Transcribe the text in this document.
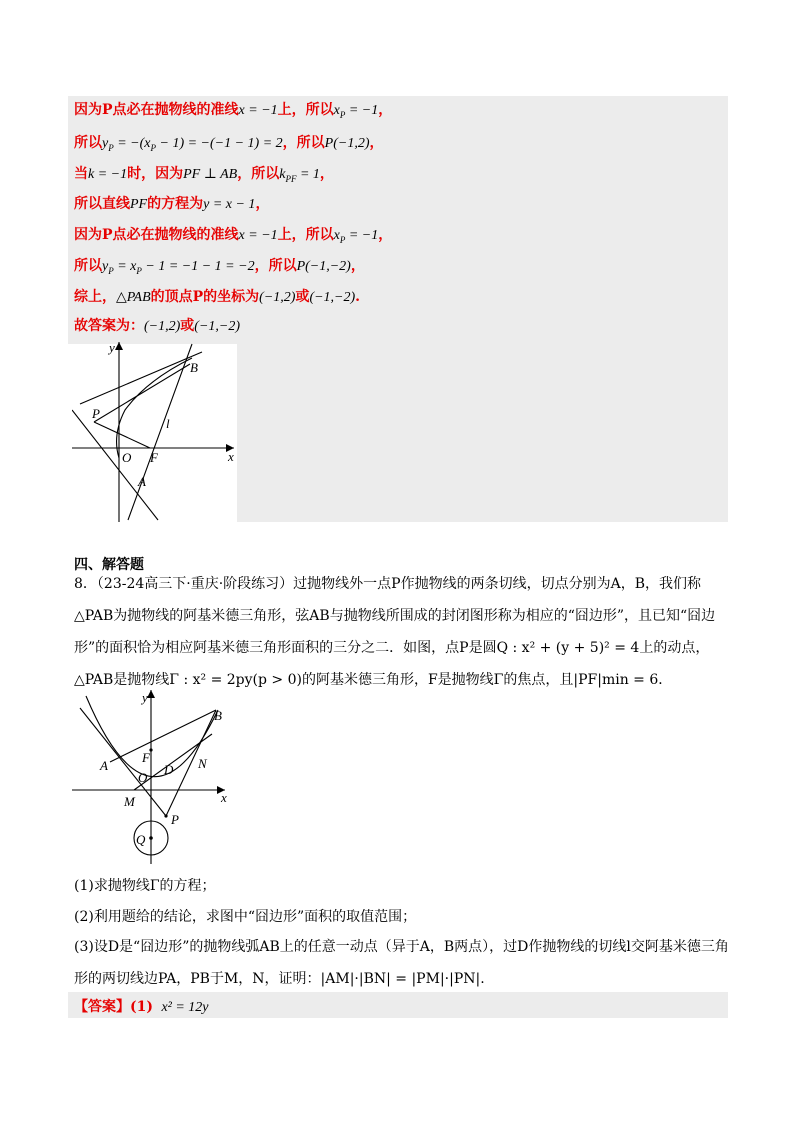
因为P点必在抛物线的准线x = −1上，所以$x_P = -1$，
所以$y_P = -(x_P - 1) = -(-1 - 1) = 2$，所以P(−1,2)，
当k = −1时，因为PF ⊥ AB，所以$k_{PF} = 1$，
所以直线PF的方程为y = x − 1，
因为P点必在抛物线的准线x = −1上，所以$x_P = -1$，
所以$y_P = x_P - 1 = -1 - 1 = -2$，所以P(−1,−2)，
综上，△PAB的顶点P的坐标为(−1,2)或(−1,−2).
故答案为：(−1,2)或(−1,−2)
y
B
P
l
O F	x
A
四、解答题
8．（23-24高三下·重庆·阶段练习）过抛物线外一点P作抛物线的两条切线，切点分别为A，B，我们称△PAB为抛物线的阿基米德三角形，弦AB与抛物线所围成的封闭图形称为相应的“囧边形”，且已知“囧边形”的面积恰为相应阿基米德三角形面积的三分之二．如图，点P是圆Q : x² + (y + 5)² = 4上的动点，△PAB是抛物线Γ : x² = 2py(p > 0)的阿基米德三角形，F是抛物线Γ的焦点，且|PF|min = 6．
y
B
F
A
O
D N
x
M
P
Q
(1)求抛物线Γ的方程；
(2)利用题给的结论，求图中“囧边形”面积的取值范围；
(3)设D是“囧边形”的抛物线弧AB上的任意一动点（异于A，B两点），过D作抛物线的切线l交阿基米德三角形的两切线边PA，PB于M，N，证明：|AM|·|BN| = |PM|·|PN|.
【答案】(1) x² = 12y
